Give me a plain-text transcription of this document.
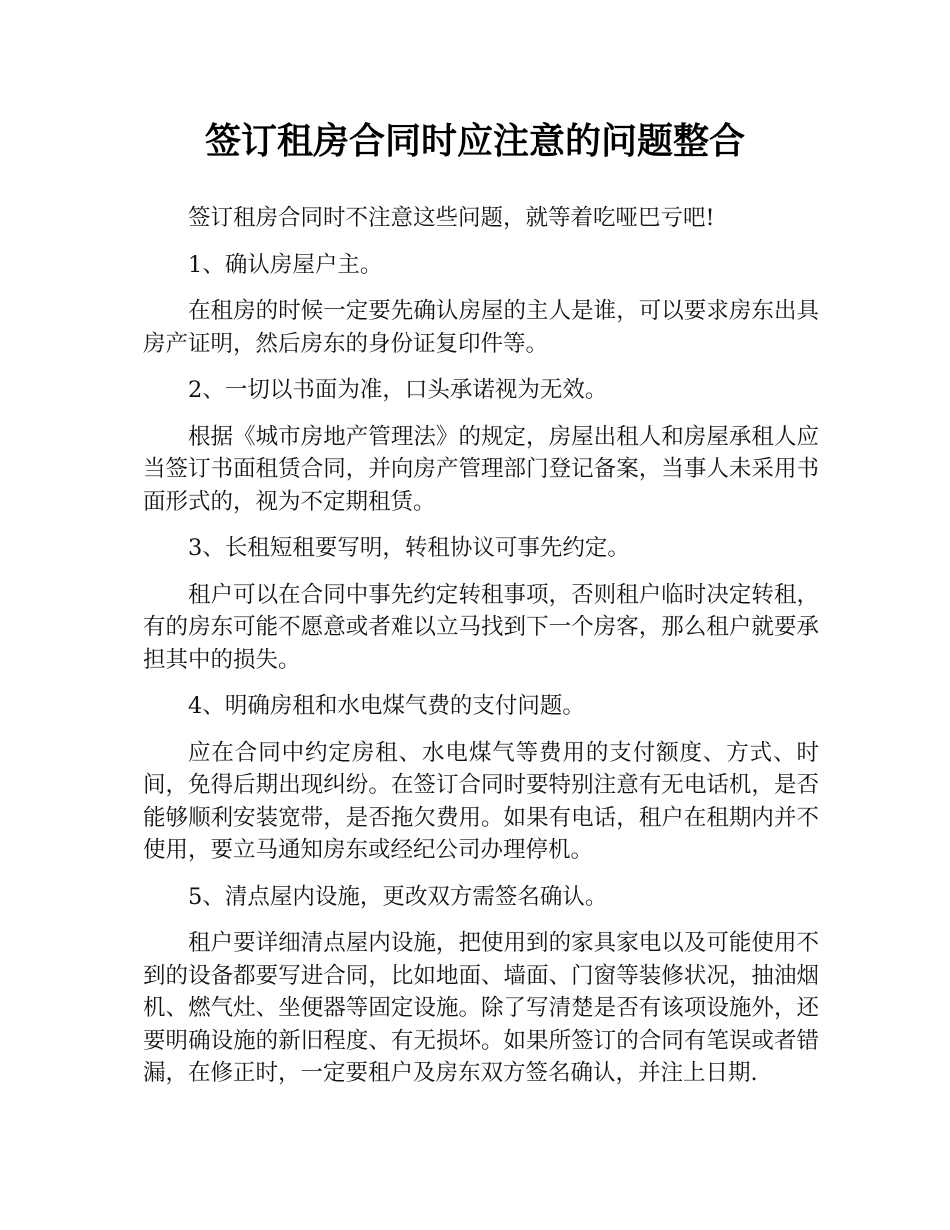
签订租房合同时应注意的问题整合

签订租房合同时不注意这些问题，就等着吃哑巴亏吧!

1、确认房屋户主。

在租房的时候一定要先确认房屋的主人是谁，可以要求房东出具房产证明，然后房东的身份证复印件等。

2、一切以书面为准，口头承诺视为无效。

根据《城市房地产管理法》的规定，房屋出租人和房屋承租人应当签订书面租赁合同，并向房产管理部门登记备案，当事人未采用书面形式的，视为不定期租赁。

3、长租短租要写明，转租协议可事先约定。

租户可以在合同中事先约定转租事项，否则租户临时决定转租，有的房东可能不愿意或者难以立马找到下一个房客，那么租户就要承担其中的损失。

4、明确房租和水电煤气费的支付问题。

应在合同中约定房租、水电煤气等费用的支付额度、方式、时间，免得后期出现纠纷。在签订合同时要特别注意有无电话机，是否能够顺利安装宽带，是否拖欠费用。如果有电话，租户在租期内并不使用，要立马通知房东或经纪公司办理停机。

5、清点屋内设施，更改双方需签名确认。

租户要详细清点屋内设施，把使用到的家具家电以及可能使用不到的设备都要写进合同，比如地面、墙面、门窗等装修状况，抽油烟机、燃气灶、坐便器等固定设施。除了写清楚是否有该项设施外，还要明确设施的新旧程度、有无损坏。如果所签订的合同有笔误或者错漏，在修正时，一定要租户及房东双方签名确认，并注上日期.
